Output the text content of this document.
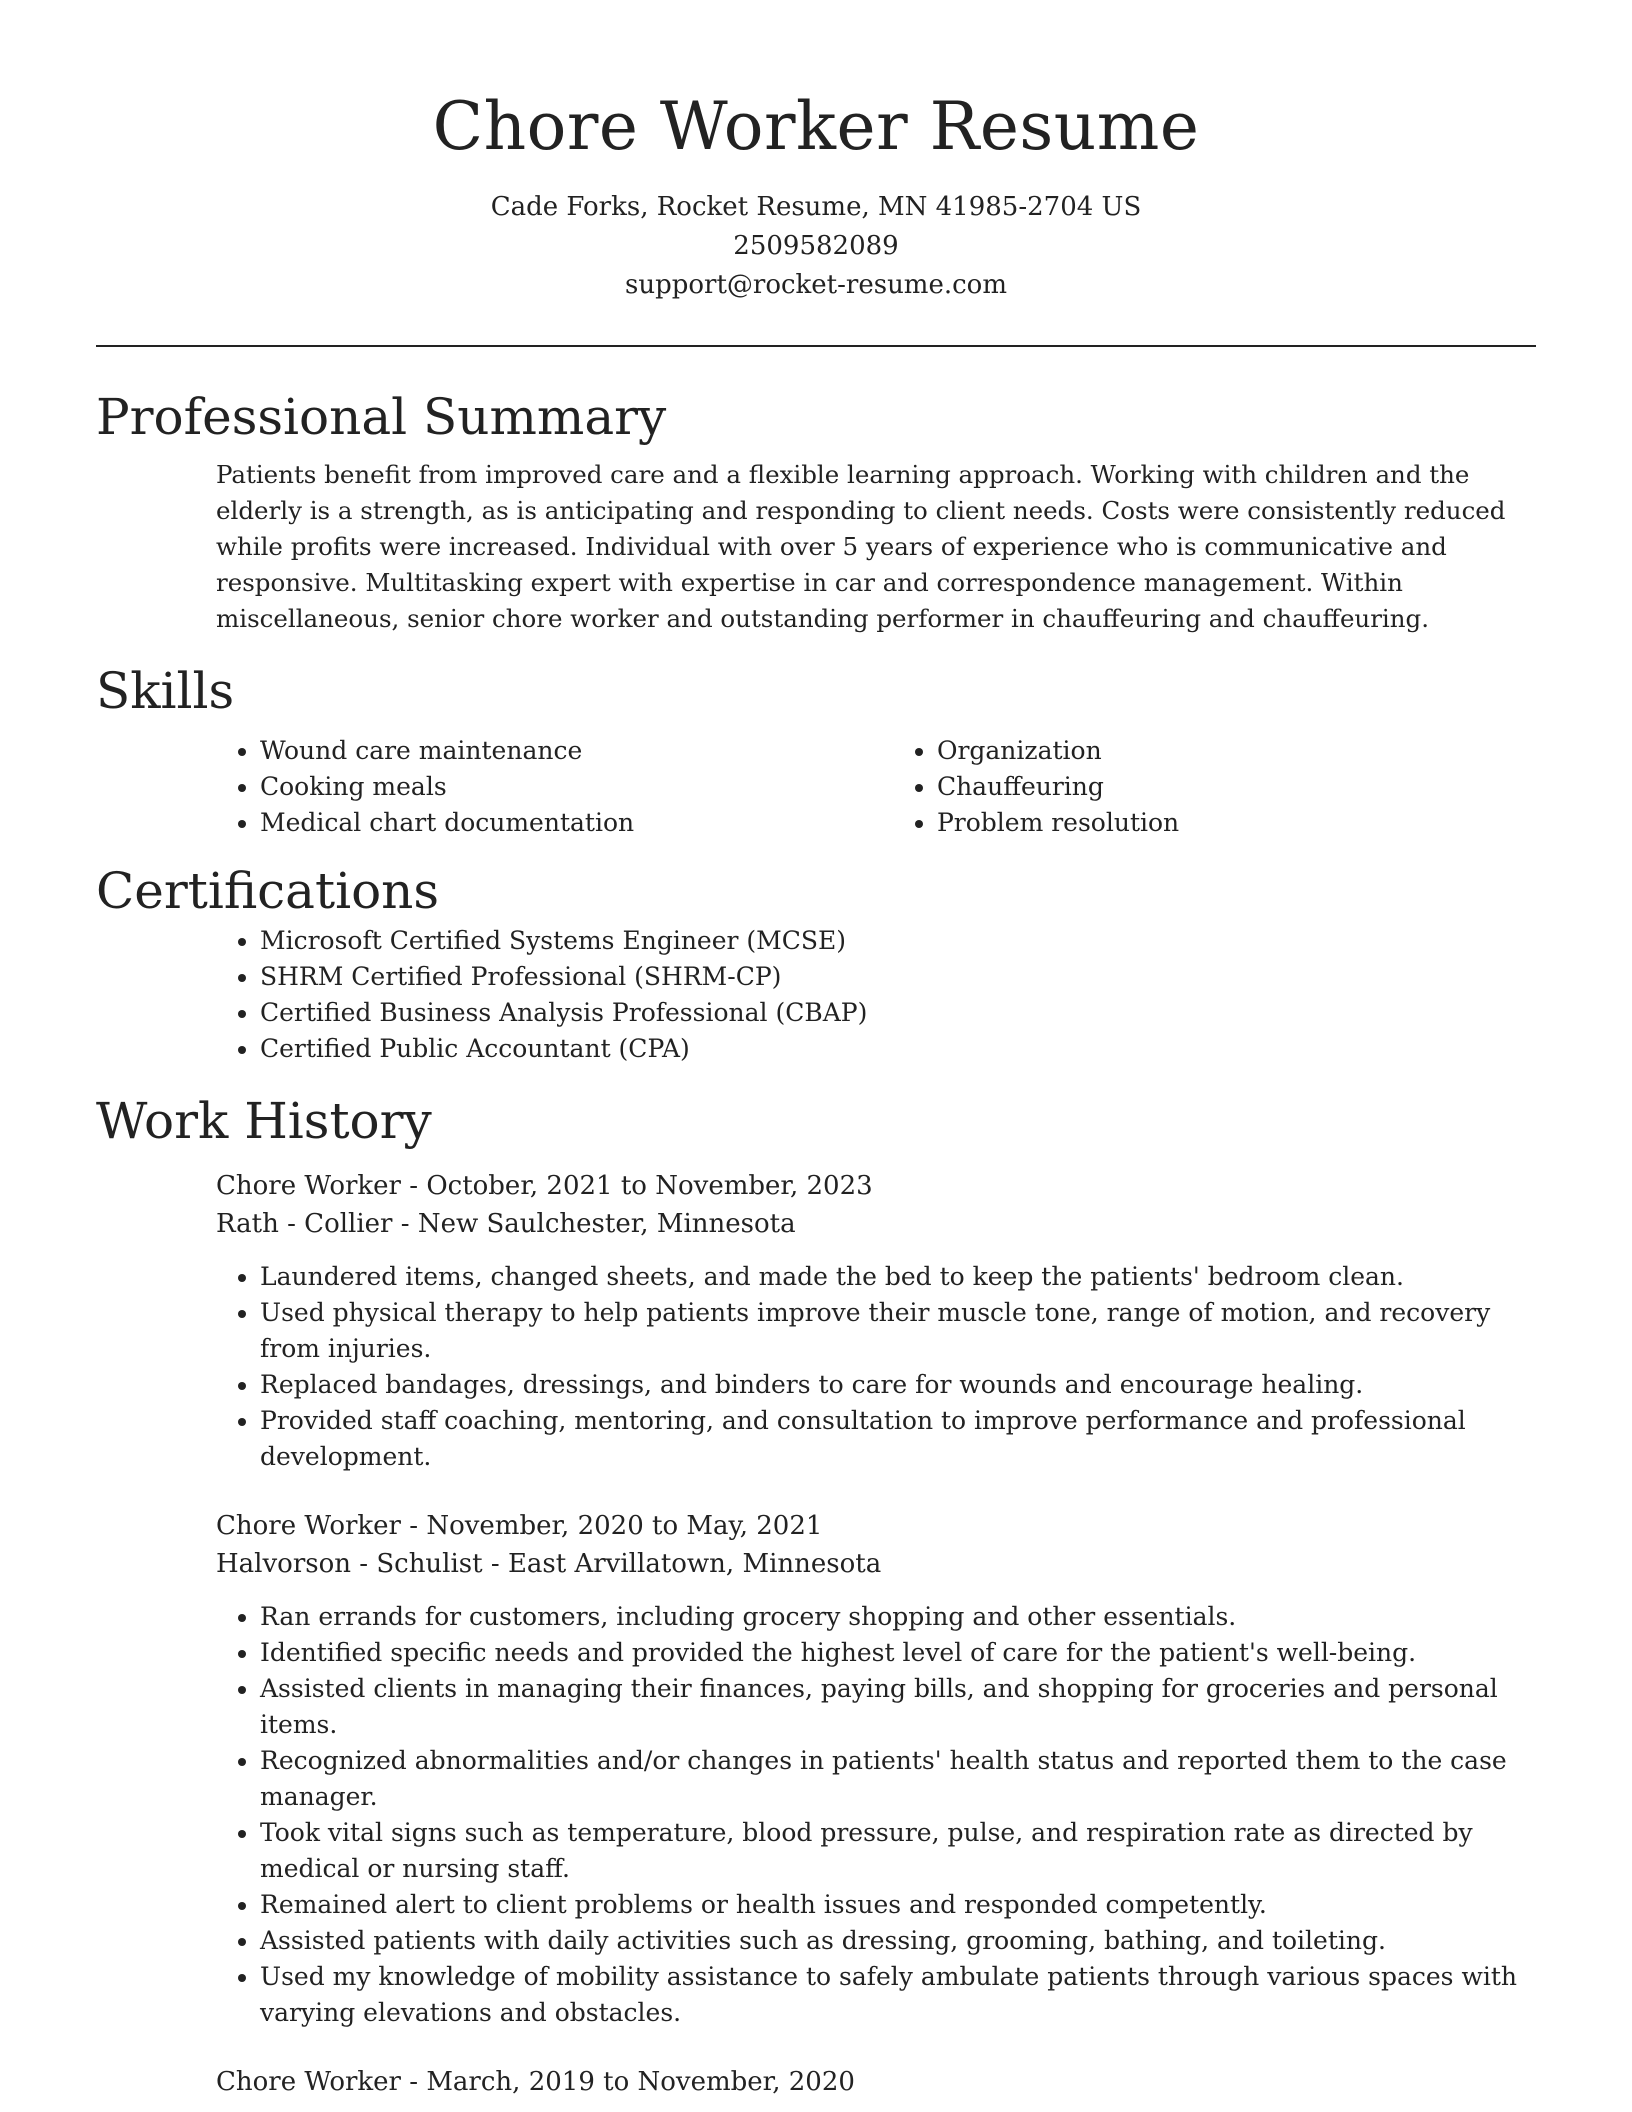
Chore Worker Resume
Cade Forks, Rocket Resume, MN 41985-2704 US
2509582089
support@rocket-resume.com
Professional Summary

Patients benefit from improved care and a flexible learning approach. Working with children and the elderly is a strength, as is anticipating and responding to client needs. Costs were consistently reduced while profits were increased. Individual with over 5 years of experience who is communicative and responsive. Multitasking expert with expertise in car and correspondence management. Within miscellaneous, senior chore worker and outstanding performer in chauffeuring and chauffeuring.

Skills
• Wound care maintenance
• Cooking meals
• Medical chart documentation
• Organization
• Chauffeuring
• Problem resolution
Certifications
• Microsoft Certified Systems Engineer (MCSE)
• SHRM Certified Professional (SHRM-CP)
• Certified Business Analysis Professional (CBAP)
• Certified Public Accountant (CPA)
Work History
Chore Worker - October, 2021 to November, 2023
Rath - Collier - New Saulchester, Minnesota
• Laundered items, changed sheets, and made the bed to keep the patients' bedroom clean.
• Used physical therapy to help patients improve their muscle tone, range of motion, and recovery from injuries.
• Replaced bandages, dressings, and binders to care for wounds and encourage healing.
• Provided staff coaching, mentoring, and consultation to improve performance and professional development.
Chore Worker - November, 2020 to May, 2021
Halvorson - Schulist - East Arvillatown, Minnesota
• Ran errands for customers, including grocery shopping and other essentials.
• Identified specific needs and provided the highest level of care for the patient's well-being.
• Assisted clients in managing their finances, paying bills, and shopping for groceries and personal items.
• Recognized abnormalities and/or changes in patients' health status and reported them to the case manager.
• Took vital signs such as temperature, blood pressure, pulse, and respiration rate as directed by medical or nursing staff.
• Remained alert to client problems or health issues and responded competently.
• Assisted patients with daily activities such as dressing, grooming, bathing, and toileting.
• Used my knowledge of mobility assistance to safely ambulate patients through various spaces with varying elevations and obstacles.
Chore Worker - March, 2019 to November, 2020
